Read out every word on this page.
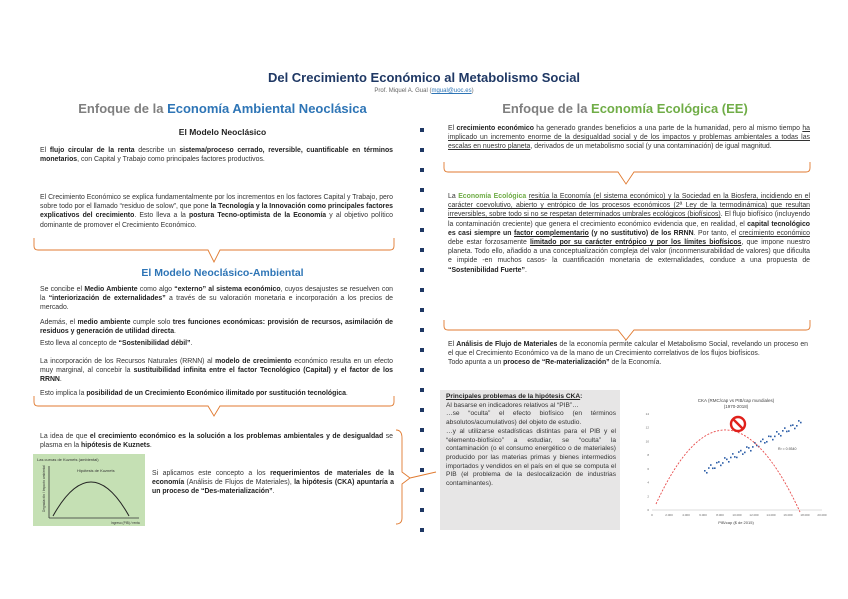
Del Crecimiento Económico al Metabolismo Social
Prof. Miquel A. Gual (mgual@uoc.es)
Enfoque de la Economía Ambiental Neoclásica	Enfoque de la Economía Ecológica (EE)
El Modelo Neoclásico
El flujo circular de la renta describe un sistema/proceso cerrado, reversible, cuantificable en términos monetarios, con Capital y Trabajo como principales factores productivos.
El Crecimiento Económico se explica fundamentalmente por los incrementos en los factores Capital y Trabajo, pero sobre todo por el llamado “residuo de solow”, que pone la Tecnología y la Innovación como principales factores explicativos del crecimiento. Esto lleva a la postura Tecno-optimista de la Economía y al objetivo político dominante de promover el Crecimiento Económico.
El Modelo Neoclásico-Ambiental
Se concibe el Medio Ambiente como algo “externo” al sistema económico, cuyos desajustes se resuelven con la “interiorización de externalidades” a través de su valoración monetaria e incorporación a los precios de mercado.
Además, el medio ambiente cumple solo tres funciones económicas: provisión de recursos, asimilación de residuos y generación de utilidad directa.
Esto lleva al concepto de “Sostenibilidad débil”.
La incorporación de los Recursos Naturales (RRNN) al modelo de crecimiento económico resulta en un efecto muy marginal, al concebir la sustituibilidad infinita entre el factor Tecnológico (Capital) y el factor de los RRNN.
Esto implica la posibilidad de un Crecimiento Económico ilimitado por sustitución tecnológica.
La idea de que el crecimiento económico es la solución a los problemas ambientales y de desigualdad se plasma en la hipótesis de Kuznets.
Las curvas de Kuznets (ambiental)
Hipótesis de Kuznets
Degradación / Impacto ambiental
Ingreso (PIB) / renta
Si aplicamos este concepto a los requerimientos de materiales de la economía (Análisis de Flujos de Materiales), la hipótesis (CKA) apuntaría a un proceso de “Des-materialización”.
El crecimiento económico ha generado grandes beneficios a una parte de la humanidad, pero al mismo tiempo ha implicado un incremento enorme de la desigualdad social y de los impactos y problemas ambientales a todas las escalas en nuestro planeta, derivados de un metabolismo social (y una contaminación) de igual magnitud.
La Economía Ecológica resitúa la Economía (el sistema económico) y la Sociedad en la Biosfera, incidiendo en el carácter coevolutivo, abierto y entrópico de los procesos económicos (2ª Ley de la termodinámica) que resultan irreversibles, sobre todo si no se respetan determinados umbrales ecológicos (biofísicos). El flujo biofísico (incluyendo la contaminación creciente) que genera el crecimiento económico evidencia que, en realidad, el capital tecnológico es casi siempre un factor complementario (y no sustitutivo) de los RRNN. Por tanto, el crecimiento económico debe estar forzosamente limitado por su carácter entrópico y por los límites biofísicos, que impone nuestro planeta. Todo ello, añadido a una conceptualización compleja del valor (inconmensurabilidad de valores) que dificulta e impide -en muchos casos- la cuantificación monetaria de externalidades, conduce a una propuesta de “Sostenibilidad Fuerte”.
El Análisis de Flujo de Materiales de la economía permite calcular el Metabolismo Social, revelando un proceso en el que el Crecimiento Económico va de la mano de un Crecimiento correlativos de los flujos biofísicos.
Todo apunta a un proceso de “Re-materialización” de la Economía.
Principales problemas de la hipótesis CKA:
Al basarse en indicadores relativos al “PIB”…
…se “oculta” el efecto biofísico (en términos absolutos/acumulativos) del objeto de estudio.
…y al utilizarse estadísticas distintas para el PIB y el “elemento-biofísico” a estudiar, se “oculta” la contaminación (o el consumo energético o de materiales) producido por las materias primas y bienes intermedios importados y vendidos en el país en el que se computa el PIB (el problema de la deslocalización de industrias contaminantes).
CKA (RMC/cap vs PIB/cap mundiales)
(1970-2018)
PIB/cap ($ de 2015)
R² = 0.9340
0	2.000	4.000	6.000	8.000	10.000	12.000	14.000	16.000	18.000	20.000
0
2
4
6
8
10
12
14
